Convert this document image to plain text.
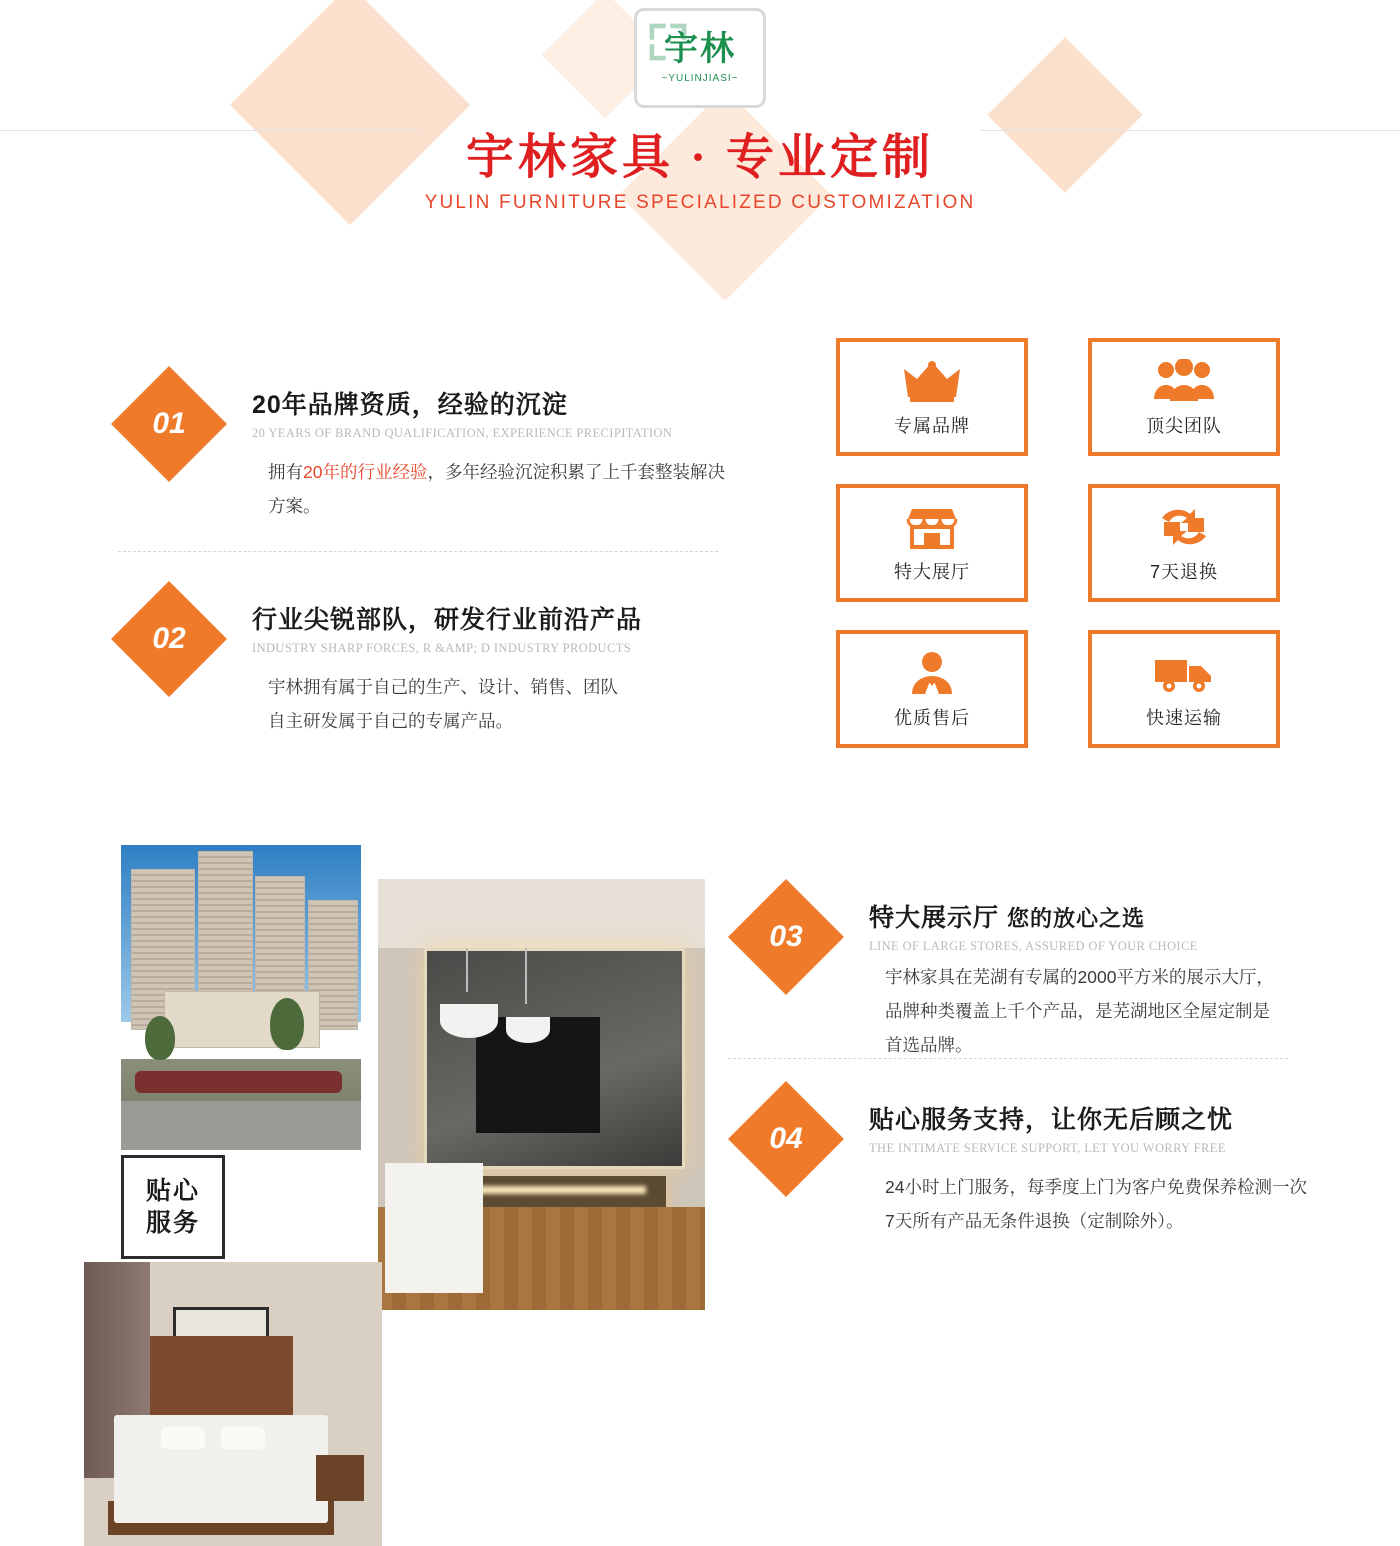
宇林
~YULINJIASI~
宇林家具 · 专业定制
YULIN FURNITURE SPECIALIZED CUSTOMIZATION
01
20年品牌资质，经验的沉淀
20 YEARS OF BRAND QUALIFICATION, EXPERIENCE PRECIPITATION
拥有20年的行业经验，多年经验沉淀积累了上千套整装解决方案。
02
行业尖锐部队，研发行业前沿产品
INDUSTRY SHARP FORCES, R &AMP; D INDUSTRY PRODUCTS
宇林拥有属于自己的生产、设计、销售、团队
自主研发属于自己的专属产品。
专属品牌	顶尖团队
特大展厅	7天退换
优质售后	快速运输
贴心
服务
03
特大展示厅 您的放心之选
LINE OF LARGE STORES, ASSURED OF YOUR CHOICE
宇林家具在芜湖有专属的2000平方米的展示大厅，
品牌种类覆盖上千个产品，是芜湖地区全屋定制是
首选品牌。
04
贴心服务支持，让你无后顾之忧
THE INTIMATE SERVICE SUPPORT, LET YOU WORRY FREE
24小时上门服务，每季度上门为客户免费保养检测一次
7天所有产品无条件退换（定制除外）。
